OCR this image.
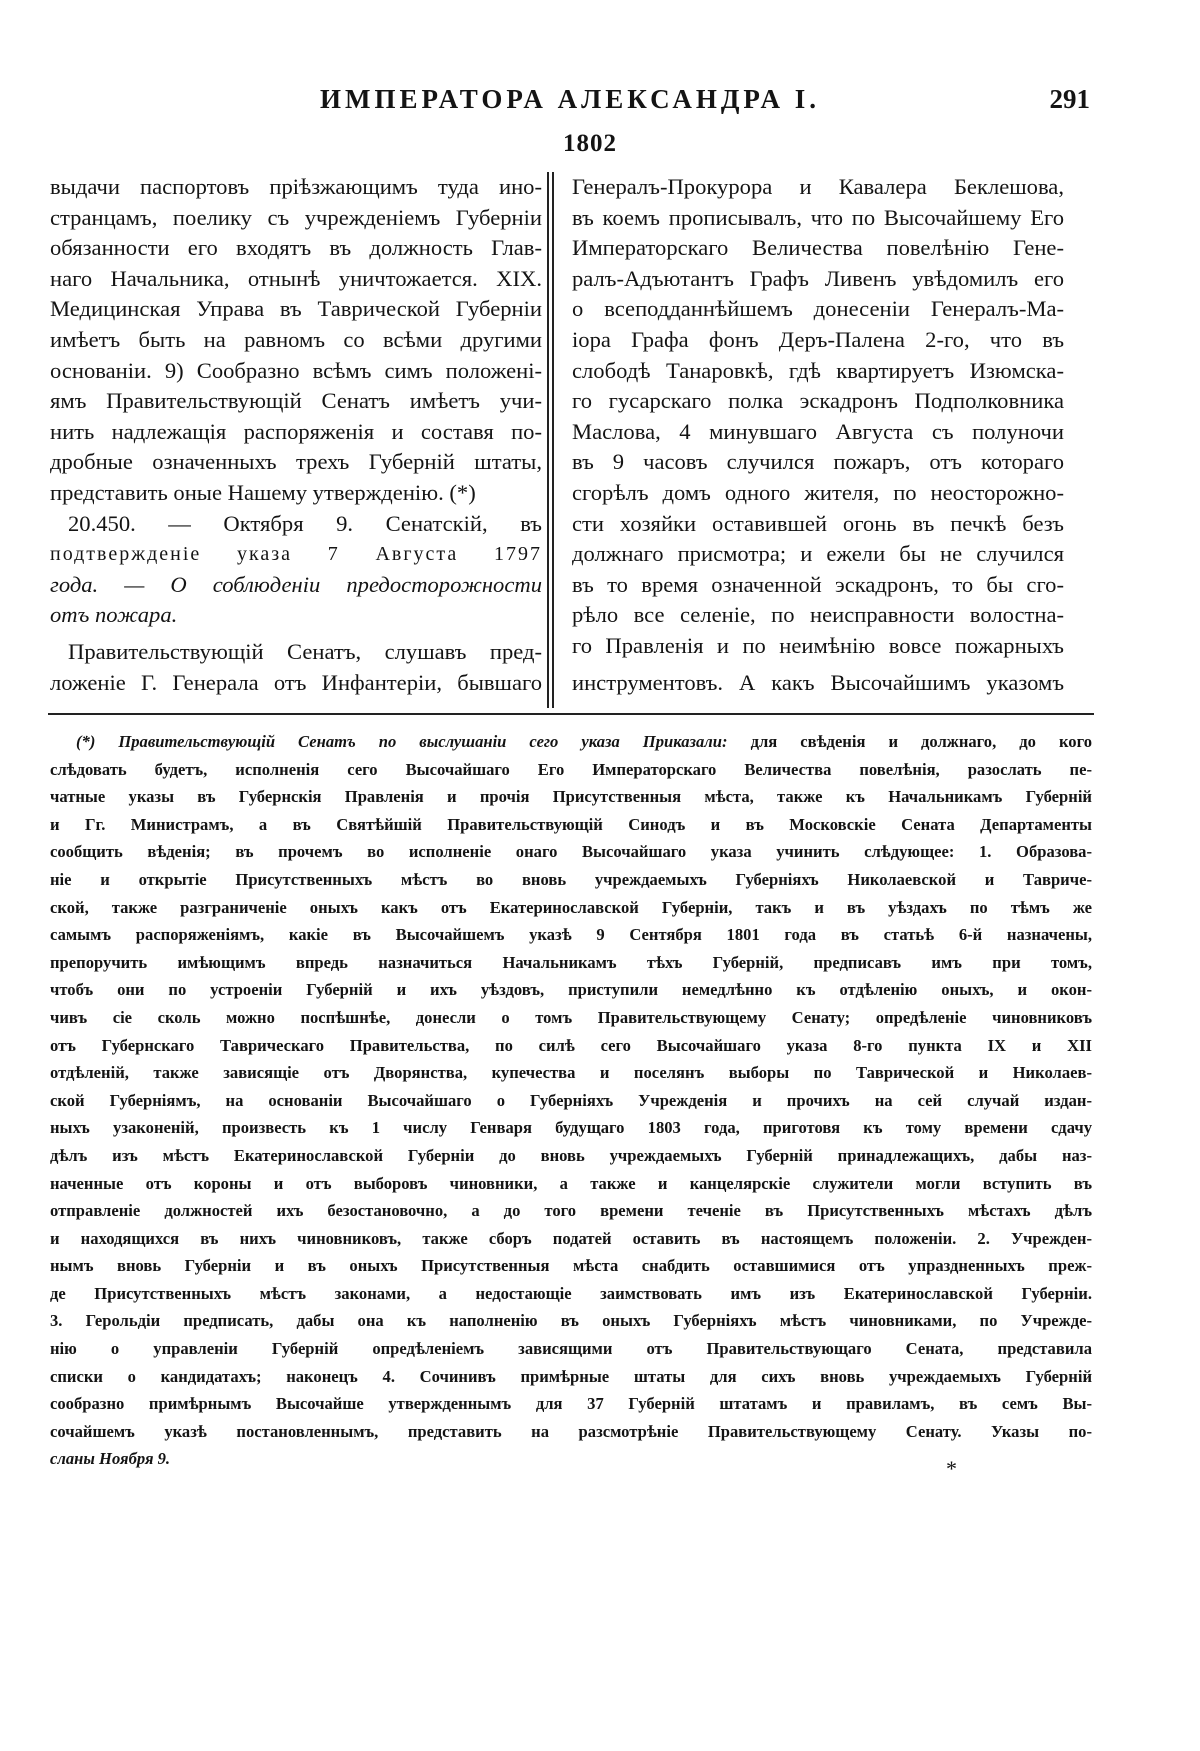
ИМПЕРАТОРА АЛЕКСАНДРА I.	291
1802
выдачи паспортовъ прiѣзжающимъ туда ино-
странцамъ, поелику съ учрежденiемъ Губернiи
обязанности его входятъ въ должность Глав-
наго Начальника, отнынѣ уничтожается. XIX.
Медицинская Управа въ Таврической Губернiи
имѣетъ быть на равномъ со всѣми другими
основанiи. 9) Сообразно всѣмъ симъ положенi-
ямъ Правительствующiй Сенатъ имѣетъ учи-
нить надлежащiя распоряженiя и составя по-
дробные означенныхъ трехъ Губернiй штаты,
представить оные Нашему утвержденiю. (*)
20.450. — Октября 9. Сенатскiй, въ
подтвержденiе указа 7 Августа 1797
года. — О соблюденiи предосторожности
отъ пожара.
Правительствующiй Сенатъ, слушавъ пред-
ложенiе Г. Генерала отъ Инфантерiи, бывшаго
Генералъ-Прокурора и Кавалера Беклешова,
въ коемъ прописывалъ, что по Высочайшему Его
Императорскаго Величества повелѣнiю Гене-
ралъ-Адъютантъ Графъ Ливенъ увѣдомилъ его
о всеподданнѣйшемъ донесенiи Генералъ-Ма-
iора Графа фонъ Деръ-Палена 2-го, что въ
слободѣ Танаровкѣ, гдѣ квартируетъ Изюмска-
го гусарскаго полка эскадронъ Подполковника
Маслова, 4 минувшаго Августа съ полуночи
въ 9 часовъ случился пожаръ, отъ котораго
сгорѣлъ домъ одного жителя, по неосторожно-
сти хозяйки оставившей огонь въ печкѣ безъ
должнаго присмотра; и ежели бы не случился
въ то время означенной эскадронъ, то бы сго-
рѣло все селенiе, по неисправности волостна-
го Правленiя и по неимѣнiю вовсе пожарныхъ
инструментовъ. А какъ Высочайшимъ указомъ
(*) Правительствующiй Сенатъ по выслушанiи сего указа Приказали: для свѣденiя и должнаго, до кого
слѣдовать будетъ, исполненiя сего Высочайшаго Его Императорскаго Величества повелѣнiя, разослать пе-
чатные указы въ Губернскiя Правленiя и прочiя Присутственныя мѣста, также къ Начальникамъ Губернiй
и Гг. Министрамъ, а въ Святѣйшiй Правительствующiй Синодъ и въ Московскiе Сената Департаменты
сообщить вѣденiя; въ прочемъ во исполненiе онаго Высочайшаго указа учинить слѣдующее: 1. Образова-
нiе и открытiе Присутственныхъ мѣстъ во вновь учреждаемыхъ Губернiяхъ Николаевской и Тавриче-
ской, также разграниченiе оныхъ какъ отъ Екатеринославской Губернiи, такъ и въ уѣздахъ по тѣмъ же
самымъ распоряженiямъ, какiе въ Высочайшемъ указѣ 9 Сентября 1801 года въ статьѣ 6-й назначены,
препоручить имѣющимъ впредь назначиться Начальникамъ тѣхъ Губернiй, предписавъ имъ при томъ,
чтобъ они по устроенiи Губернiй и ихъ уѣздовъ, приступили немедлѣнно къ отдѣленiю оныхъ, и окон-
чивъ сiе сколь можно поспѣшнѣе, донесли о томъ Правительствующему Сенату; опредѣленiе чиновниковъ
отъ Губернскаго Таврическаго Правительства, по силѣ сего Высочайшаго указа 8-го пункта IX и XII
отдѣленiй, также зависящiе отъ Дворянства, купечества и поселянъ выборы по Таврической и Николаев-
ской Губернiямъ, на основанiи Высочайшаго о Губернiяхъ Учрежденiя и прочихъ на сей случай издан-
ныхъ узаконенiй, произвесть къ 1 числу Генваря будущаго 1803 года, приготовя къ тому времени сдачу
дѣлъ изъ мѣстъ Екатеринославской Губернiи до вновь учреждаемыхъ Губернiй принадлежащихъ, дабы наз-
наченные отъ короны и отъ выборовъ чиновники, а также и канцелярскiе служители могли вступить въ
отправленiе должностей ихъ безостановочно, а до того времени теченiе въ Присутственныхъ мѣстахъ дѣлъ
и находящихся въ нихъ чиновниковъ, также сборъ податей оставить въ настоящемъ положенiи. 2. Учрежден-
нымъ вновь Губернiи и въ оныхъ Присутственныя мѣста снабдить оставшимися отъ упраздненныхъ преж-
де Присутственныхъ мѣстъ законами, а недостающiе заимствовать имъ изъ Екатеринославской Губернiи.
3. Герольдiи предписать, дабы она къ наполненiю въ оныхъ Губернiяхъ мѣстъ чиновниками, по Учрежде-
нiю о управленiи Губернiй опредѣленiемъ зависящими отъ Правительствующаго Сената, представила
списки о кандидатахъ; наконецъ 4. Сочинивъ примѣрные штаты для сихъ вновь учреждаемыхъ Губернiй
сообразно примѣрнымъ Высочайше утвержденнымъ для 37 Губернiй штатамъ и правиламъ, въ семъ Вы-
сочайшемъ указѣ постановленнымъ, представить на разсмотрѣнiе Правительствующему Сенату. Указы по-
сланы Ноября 9.	*
